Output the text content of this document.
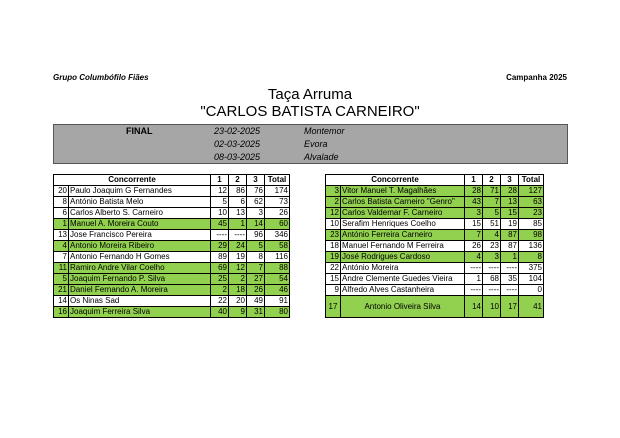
Grupo Columbófilo Fiães	Campanha 2025
Taça Arruma
"CARLOS BATISTA CARNEIRO"
FINAL	23-02-2025	Montemor
02-03-2025	Evora
08-03-2025	Alvalade
Concorrente		1	2	3	Total
20	Paulo Joaquim G Fernandes	12	86	76	174
8	António Batista Melo	5	6	62	73
6	Carlos Alberto S. Carneiro	10	13	3	26
1	Manuel A. Moreira Couto	45	1	14	60
13	Jose Francisco Pereira	----	----	96	346
4	Antonio Moreira Ribeiro	29	24	5	58
7	Antonio Fernando H Gomes	89	19	8	116
11	Ramiro Andre Vilar Coelho	69	12	7	88
5	Joaquim Fernando P. Silva	25	2	27	54
21	Daniel Fernando A. Moreira	2	18	26	46
14	Os Ninas Sad	22	20	49	91
16	Joaquim Ferreira Silva	40	9	31	80
Concorrente		1	2	3	Total
3	Vitor Manuel T. Magalhães	28	71	28	127
2	Carlos Batista Carneiro "Genro"	43	7	13	63
12	Carlos Valdemar F. Carneiro	3	5	15	23
10	Serafim Henriques Coelho	15	51	19	85
23	António Ferreira Carneiro	7	4	87	98
18	Manuel Fernando M Ferreira	26	23	87	136
19	José Rodrigues Cardoso	4	3	1	8
22	António Moreira	----	----	----	375
15	Andre Clemente Guedes Vieira	1	68	35	104
9	Alfredo Alves Castanheira	----	----	----	0
17	Antonio Oliveira Silva	14	10	17	41
